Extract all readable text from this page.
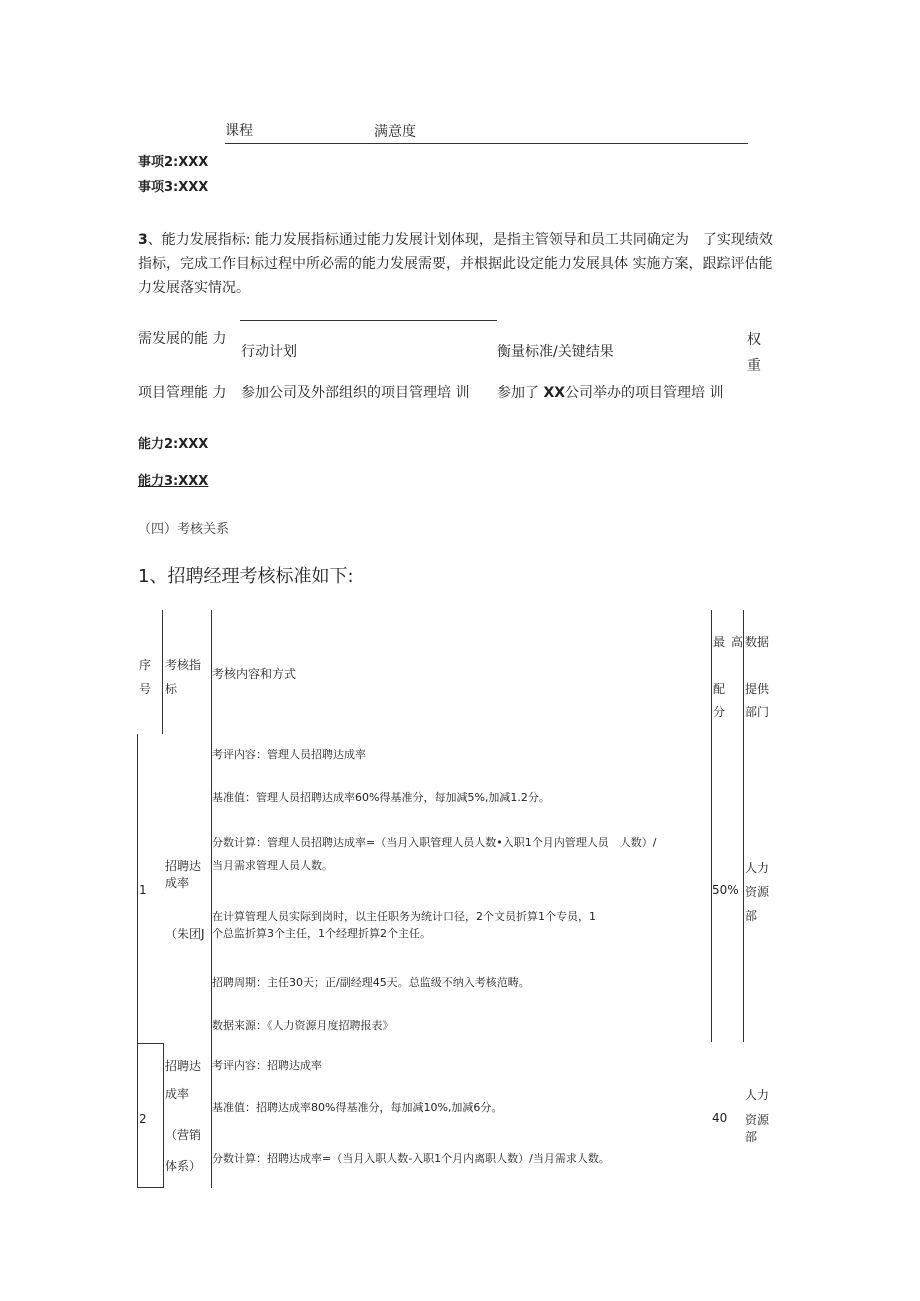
课程	满意度
事项2:XXX
事项3:XXX
3、能力发展指标: 能力发展指标通过能力发展计划体现，是指主管领导和员工共同确定为　了实现绩效指标，完成工作目标过程中所必需的能力发展需要，并根据此设定能力发展具体 实施方案，跟踪评估能力发展落实情况。
需发展的能 力
行动计划	衡量标准/关键结果
权
重
项目管理能 力 参加公司及外部组织的项目管理培 训 参加了 XX公司举办的项目管理培 训
能力2:XXX
能力3:XXX
（四）考核关系
1、招聘经理考核标准如下:
序
号
考核指
标
考核内容和方式
最 高
配
分
数据
提供
部门
1
招聘达
成率
（朱团J
考评内容：管理人员招聘达成率
基准值：管理人员招聘达成率60%得基准分，每加减5%,加减1.2分。
分数计算：管理人员招聘达成率=（当月入职管理人员人数•入职1个月内管理人员　人数）/
当月需求管理人员人数。
在计算管理人员实际到岗时，以主任职务为统计口径，2个文员折算1个专员，1
个总监折算3个主任，1个经理折算2个主任。
招聘周期：主任30天；正/副经理45天。总监级不纳入考核范畴。
数据来源：《人力资源月度招聘报表》
50%
人力
资源
部
2
招聘达
成率
（营销
体系）
考评内容：招聘达成率
基准值：招聘达成率80%得基准分，每加减10%,加减6分。
分数计算：招聘达成率=（当月入职人数-入职1个月内离职人数）/当月需求人数。
40
人力
资源
部
